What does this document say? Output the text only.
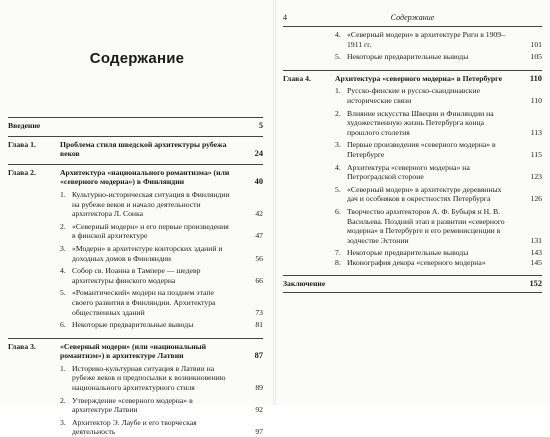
Содержание
Введение	5
Глава 1.	Проблема стиля шведской архитектуры рубежа веков	24
Глава 2.	Архитектура «национального романтизма» (или «северного модерна») в Финляндии	40
1. Культурно-историческая ситуация в Финляндии на рубеже веков и начало деятельности архитектора Л. Сонка	42
2. «Северный модерн» и его первые произведения в финской архитектуре	47
3. «Модерн» в архитектуре конторских зданий и доходных домов в Финляндии	56
4. Собор св. Иоанна в Тампере — шедевр архитектуры финского модерна	66
5. «Романтический» модерн на позднем этапе своего развития в Финляндии. Архитектура общественных зданий	73
6. Некоторые предварительные выводы	81
Глава 3.	«Северный модерн» (или «национальный романтизм») в архитектуре Латвии	87
1. Историко-культурная ситуация в Латвии на рубеже веков и предпосылки к возникновению национального архитектурного стиля	89
2. Утверждение «северного модерна» в архитектуре Латвии	92
3. Архитектор Э. Лаубе и его творческая деятельность	97
4	Содержание
4. «Северный модерн» в архитектуре Риги в 1909–1911 гг.	101
5. Некоторые предварительные выводы	105
Глава 4.	Архитектура «северного модерна» в Петербурге	110
1. Русско-финские и русско-скандинавские исторические связи	110
2. Влияние искусства Швеции и Финляндии на художественную жизнь Петербурга конца прошлого столетия	113
3. Первые произведения «северного модерна» в Петербурге	115
4. Архитектура «северного модерна» на Петроградской стороне	123
5. «Северный модерн» в архитектуре деревянных дач и особняков в окрестностях Петербурга	126
6. Творчество архитекторов А. Ф. Бубыря и Н. В. Васильева. Поздний этап в развитии «северного модерна» в Петербурге и его реминисценции в зодчестве Эстонии	131
7. Некоторые предварительные выводы	143
8. Иконография декора «северного модерна»	145
Заключение	152
